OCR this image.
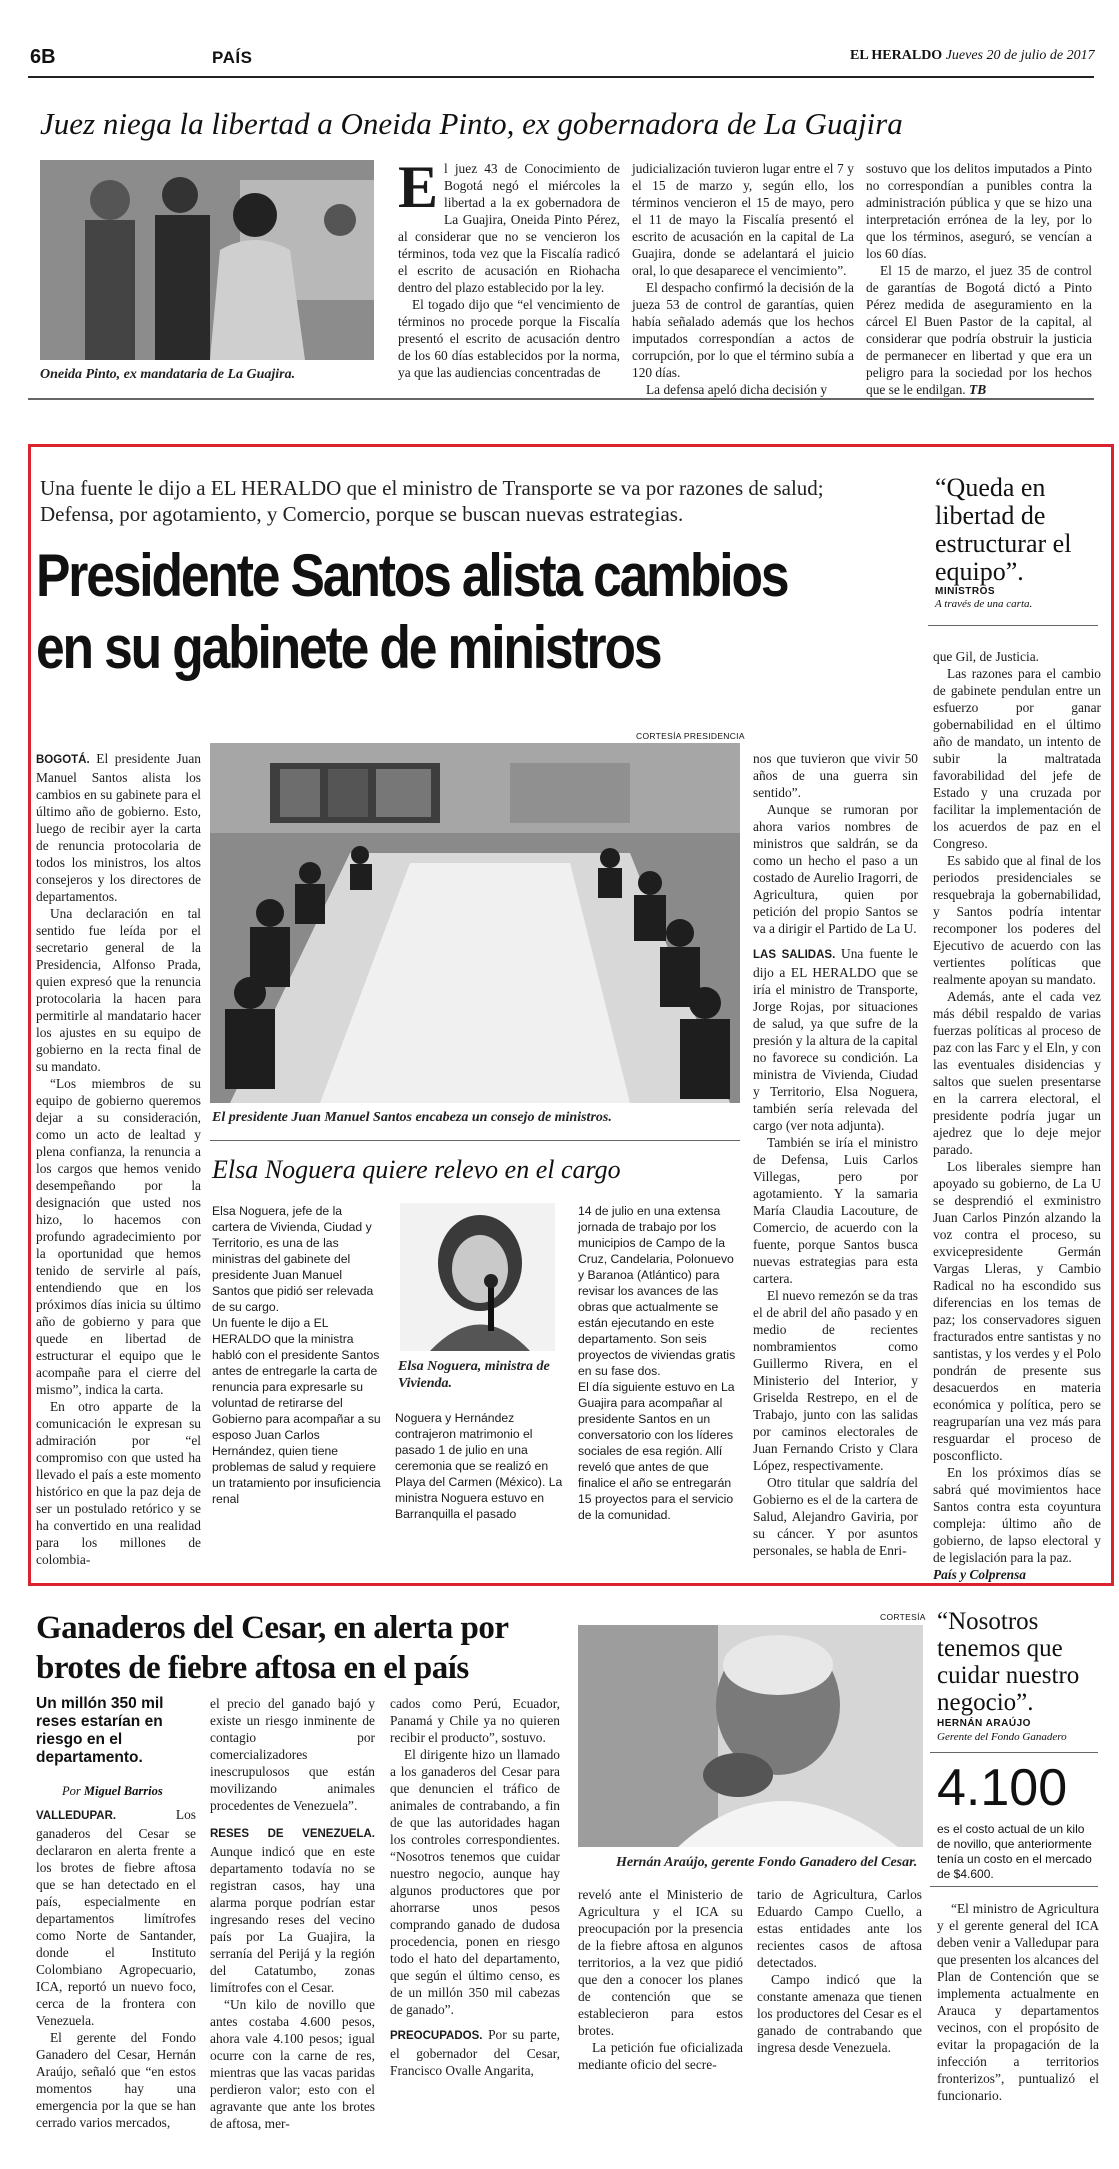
6B	PAÍS	EL HERALDO Jueves 20 de julio de 2017
Juez niega la libertad a Oneida Pinto, ex gobernadora de La Guajira
Oneida Pinto, ex mandataria de La Guajira.
E l juez 43 de Conocimiento de Bogotá negó el miércoles la libertad a la ex gobernadora de La Guajira, Oneida Pinto Pérez, al considerar que no se vencieron los términos, toda vez que la Fiscalía radicó el escrito de acusación en Riohacha dentro del plazo establecido por la ley.

El togado dijo que “el vencimiento de términos no procede porque la Fiscalía presentó el escrito de acusación dentro de los 60 días establecidos por la norma, ya que las audiencias concentradas de

judicialización tuvieron lugar entre el 7 y el 15 de marzo y, según ello, los términos vencieron el 15 de mayo, pero el 11 de mayo la Fiscalía presentó el escrito de acusación en la capital de La Guajira, donde se adelantará el juicio oral, lo que desaparece el vencimiento”.

El despacho confirmó la decisión de la jueza 53 de control de garantías, quien había señalado además que los hechos imputados correspondían a actos de corrupción, por lo que el término subía a 120 días.

La defensa apeló dicha decisión y

sostuvo que los delitos imputados a Pinto no correspondían a punibles contra la administración pública y que se hizo una interpretación errónea de la ley, por lo que los términos, aseguró, se vencían a los 60 días.

El 15 de marzo, el juez 35 de control de garantías de Bogotá dictó a Pinto Pérez medida de aseguramiento en la cárcel El Buen Pastor de la capital, al considerar que podría obstruir la justicia de permanecer en libertad y que era un peligro para la sociedad por los hechos que se le endilgan. TB

Una fuente le dijo a EL HERALDO que el ministro de Transporte se va por razones de salud; Defensa, por agotamiento, y Comercio, porque se buscan nuevas estrategias.
Presidente Santos alista cambios
en su gabinete de ministros
“Queda en libertad de estructurar el equipo”.
MINISTROS
A través de una carta.
CORTESÍA PRESIDENCIA
El presidente Juan Manuel Santos encabeza un consejo de ministros.

BOGOTÁ. El presidente Juan Manuel Santos alista los cambios en su gabinete para el último año de gobierno. Esto, luego de recibir ayer la carta de renuncia protocolaria de todos los ministros, los altos consejeros y los directores de departamentos.

Una declaración en tal sentido fue leída por el secretario general de la Presidencia, Alfonso Prada, quien expresó que la renuncia protocolaria la hacen para permitirle al mandatario hacer los ajustes en su equipo de gobierno en la recta final de su mandato.

“Los miembros de su equipo de gobierno queremos dejar a su consideración, como un acto de lealtad y plena confianza, la renuncia a los cargos que hemos venido desempeñando por la designación que usted nos hizo, lo hacemos con profundo agradecimiento por la oportunidad que hemos tenido de servirle al país, entendiendo que en los próximos días inicia su último año de gobierno y para que quede en libertad de estructurar el equipo que le acompañe para el cierre del mismo”, indica la carta.

En otro apparte de la comunicación le expresan su admiración por “el compromiso con que usted ha llevado el país a este momento histórico en que la paz deja de ser un postulado retórico y se ha convertido en una realidad para los millones de colombia-

nos que tuvieron que vivir 50 años de una guerra sin sentido”.

Aunque se rumoran por ahora varios nombres de ministros que saldrán, se da como un hecho el paso a un costado de Aurelio Iragorri, de Agricultura, quien por petición del propio Santos se va a dirigir el Partido de La U.

LAS SALIDAS. Una fuente le dijo a EL HERALDO que se iría el ministro de Transporte, Jorge Rojas, por situaciones de salud, ya que sufre de la presión y la altura de la capital no favorece su condición. La ministra de Vivienda, Ciudad y Territorio, Elsa Noguera, también sería relevada del cargo (ver nota adjunta).

También se iría el ministro de Defensa, Luis Carlos Villegas, pero por agotamiento. Y la samaria María Claudia Lacouture, de Comercio, de acuerdo con la fuente, porque Santos busca nuevas estrategias para esta cartera.

El nuevo remezón se da tras el de abril del año pasado y en medio de recientes nombramientos como Guillermo Rivera, en el Ministerio del Interior, y Griselda Restrepo, en el de Trabajo, junto con las salidas por caminos electorales de Juan Fernando Cristo y Clara López, respectivamente.

Otro titular que saldría del Gobierno es el de la cartera de Salud, Alejandro Gaviria, por su cáncer. Y por asuntos personales, se habla de Enri-

que Gil, de Justicia.

Las razones para el cambio de gabinete pendulan entre un esfuerzo por ganar gobernabilidad en el último año de mandato, un intento de subir la maltratada favorabilidad del jefe de Estado y una cruzada por facilitar la implementación de los acuerdos de paz en el Congreso.

Es sabido que al final de los periodos presidenciales se resquebraja la gobernabilidad, y Santos podría intentar recomponer los poderes del Ejecutivo de acuerdo con las vertientes políticas que realmente apoyan su mandato.

Además, ante el cada vez más débil respaldo de varias fuerzas políticas al proceso de paz con las Farc y el Eln, y con las eventuales disidencias y saltos que suelen presentarse en la carrera electoral, el presidente podría jugar un ajedrez que lo deje mejor parado.

Los liberales siempre han apoyado su gobierno, de La U se desprendió el exministro Juan Carlos Pinzón alzando la voz contra el proceso, su exvicepresidente Germán Vargas Lleras, y Cambio Radical no ha escondido sus diferencias en los temas de paz; los conservadores siguen fracturados entre santistas y no santistas, y los verdes y el Polo pondrán de presente sus desacuerdos en materia económica y política, pero se reagruparían una vez más para resguardar el proceso de posconflicto.

En los próximos días se sabrá qué movimientos hace Santos contra esta coyuntura compleja: último año de gobierno, de lapso electoral y de legislación para la paz.

País y Colprensa

Elsa Noguera quiere relevo en el cargo

Elsa Noguera, jefe de la cartera de Vivienda, Ciudad y Territorio, es una de las ministras del gabinete del presidente Juan Manuel Santos que pidió ser relevada de su cargo.

Un fuente le dijo a EL HERALDO que la ministra habló con el presidente Santos antes de entregarle la carta de renuncia para expresarle su voluntad de retirarse del Gobierno para acompañar a su esposo Juan Carlos Hernández, quien tiene problemas de salud y requiere un tratamiento por insuficiencia renal

Elsa Noguera, ministra de Vivienda.

Noguera y Hernández contrajeron matrimonio el pasado 1 de julio en una ceremonia que se realizó en Playa del Carmen (México). La ministra Noguera estuvo en Barranquilla el pasado

14 de julio en una extensa jornada de trabajo por los municipios de Campo de la Cruz, Candelaria, Polonuevo y Baranoa (Atlántico) para revisar los avances de las obras que actualmente se están ejecutando en este departamento. Son seis proyectos de viviendas gratis en su fase dos.

El día siguiente estuvo en La Guajira para acompañar al presidente Santos en un conversatorio con los líderes sociales de esa región. Allí reveló que antes de que finalice el año se entregarán 15 proyectos para el servicio de la comunidad.

Ganaderos del Cesar, en alerta por
brotes de fiebre aftosa en el país
CORTESÍA
Hernán Araújo, gerente Fondo Ganadero del Cesar.
“Nosotros tenemos que cuidar nuestro negocio”.
HERNÁN ARAÚJO
Gerente del Fondo Ganadero
4.100
es el costo actual de un kilo de novillo, que anteriormente tenía un costo en el mercado de $4.600.
Un millón 350 mil reses estarían en riesgo en el departamento.
Por Miguel Barrios

VALLEDUPAR.	Los ganaderos del Cesar se declararon en alerta frente a los brotes de fiebre aftosa que se han detectado en el país, especialmente en departamentos limítrofes como Norte de Santander, donde el Instituto Colombiano Agropecuario, ICA, reportó un nuevo foco, cerca de la frontera con Venezuela.

El gerente del Fondo Ganadero del Cesar, Hernán Araújo, señaló que “en estos momentos hay una emergencia por la que se han cerrado varios mercados,

el precio del ganado bajó y existe un riesgo inminente de contagio por comercializadores inescrupulosos que están movilizando animales procedentes de Venezuela”.

RESES DE VENEZUELA. Aunque indicó que en este departamento todavía no se registran casos, hay una alarma porque podrían estar ingresando reses del vecino país por La Guajira, la serranía del Perijá y la región del Catatumbo, zonas limítrofes con el Cesar.

“Un kilo de novillo que antes costaba 4.600 pesos, ahora vale 4.100 pesos; igual ocurre con la carne de res, mientras que las vacas paridas perdieron valor; esto con el agravante que ante los brotes de aftosa, mer-

cados como Perú, Ecuador, Panamá y Chile ya no quieren recibir el producto”, sostuvo.

El dirigente hizo un llamado a los ganaderos del Cesar para que denuncien el tráfico de animales de contrabando, a fin de que las autoridades hagan los controles correspondientes. “Nosotros tenemos que cuidar nuestro negocio, aunque hay algunos productores que por ahorrarse unos pesos comprando ganado de dudosa procedencia, ponen en riesgo todo el hato del departamento, que según el último censo, es de un millón 350 mil cabezas de ganado”.

PREOCUPADOS. Por su parte, el gobernador del Cesar, Francisco Ovalle Angarita,

reveló ante el Ministerio de Agricultura y el ICA su preocupación por la presencia de la fiebre aftosa en algunos territorios, a la vez que pidió que den a conocer los planes de contención que se establecieron para estos brotes.

La petición fue oficializada mediante oficio del secre-

tario de Agricultura, Carlos Eduardo Campo Cuello, a estas entidades ante los recientes casos de aftosa detectados.

Campo indicó que la constante amenaza que tienen los productores del Cesar es el ganado de contrabando que ingresa desde Venezuela.

“El ministro de Agricultura y el gerente general del ICA deben venir a Valledupar para que presenten los alcances del Plan de Contención que se implementa actualmente en Arauca y departamentos vecinos, con el propósito de evitar la propagación de la infección a territorios fronterizos”, puntualizó el funcionario.
